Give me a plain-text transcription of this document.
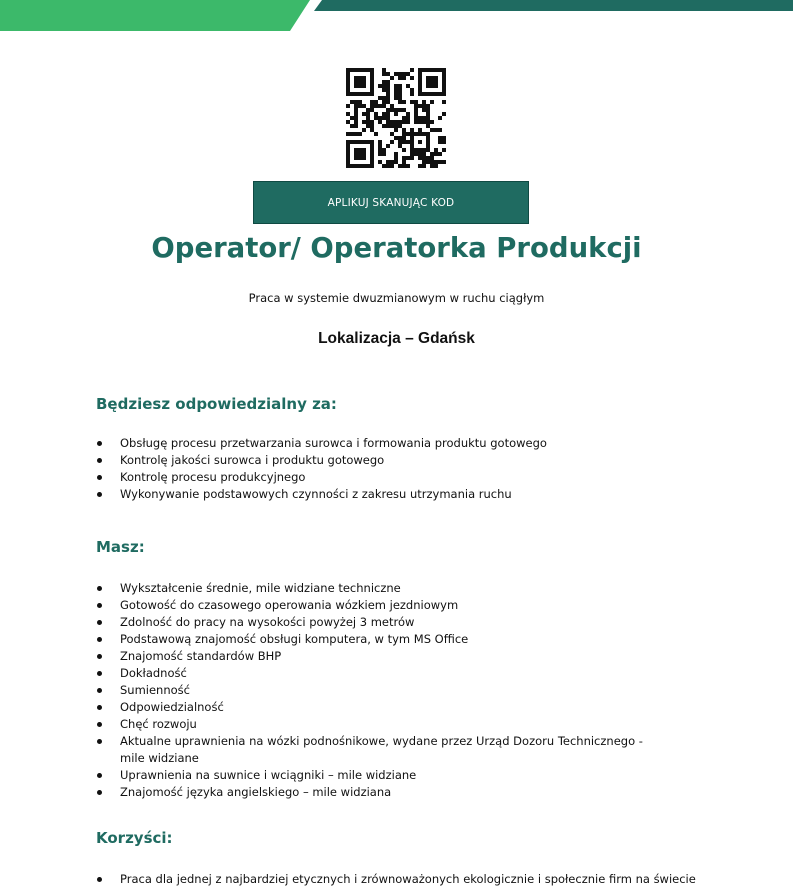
APLIKUJ SKANUJĄC KOD
Operator/ Operatorka Produkcji
Praca w systemie dwuzmianowym w ruchu ciągłym
Lokalizacja – Gdańsk
Będziesz odpowiedzialny za:
Obsługę procesu przetwarzania surowca i formowania produktu gotowego
Kontrolę jakości surowca i produktu gotowego
Kontrolę procesu produkcyjnego
Wykonywanie podstawowych czynności z zakresu utrzymania ruchu
Masz:
Wykształcenie średnie, mile widziane techniczne
Gotowość do czasowego operowania wózkiem jezdniowym
Zdolność do pracy na wysokości powyżej 3 metrów
Podstawową znajomość obsługi komputera, w tym MS Office
Znajomość standardów BHP
Dokładność
Sumienność
Odpowiedzialność
Chęć rozwoju
Aktualne uprawnienia na wózki podnośnikowe, wydane przez Urząd Dozoru Technicznego - mile widziane
Uprawnienia na suwnice i wciągniki – mile widziane
Znajomość języka angielskiego – mile widziana
Korzyści:
Praca dla jednej z najbardziej etycznych i zrównoważonych ekologicznie i społecznie firm na świecie
